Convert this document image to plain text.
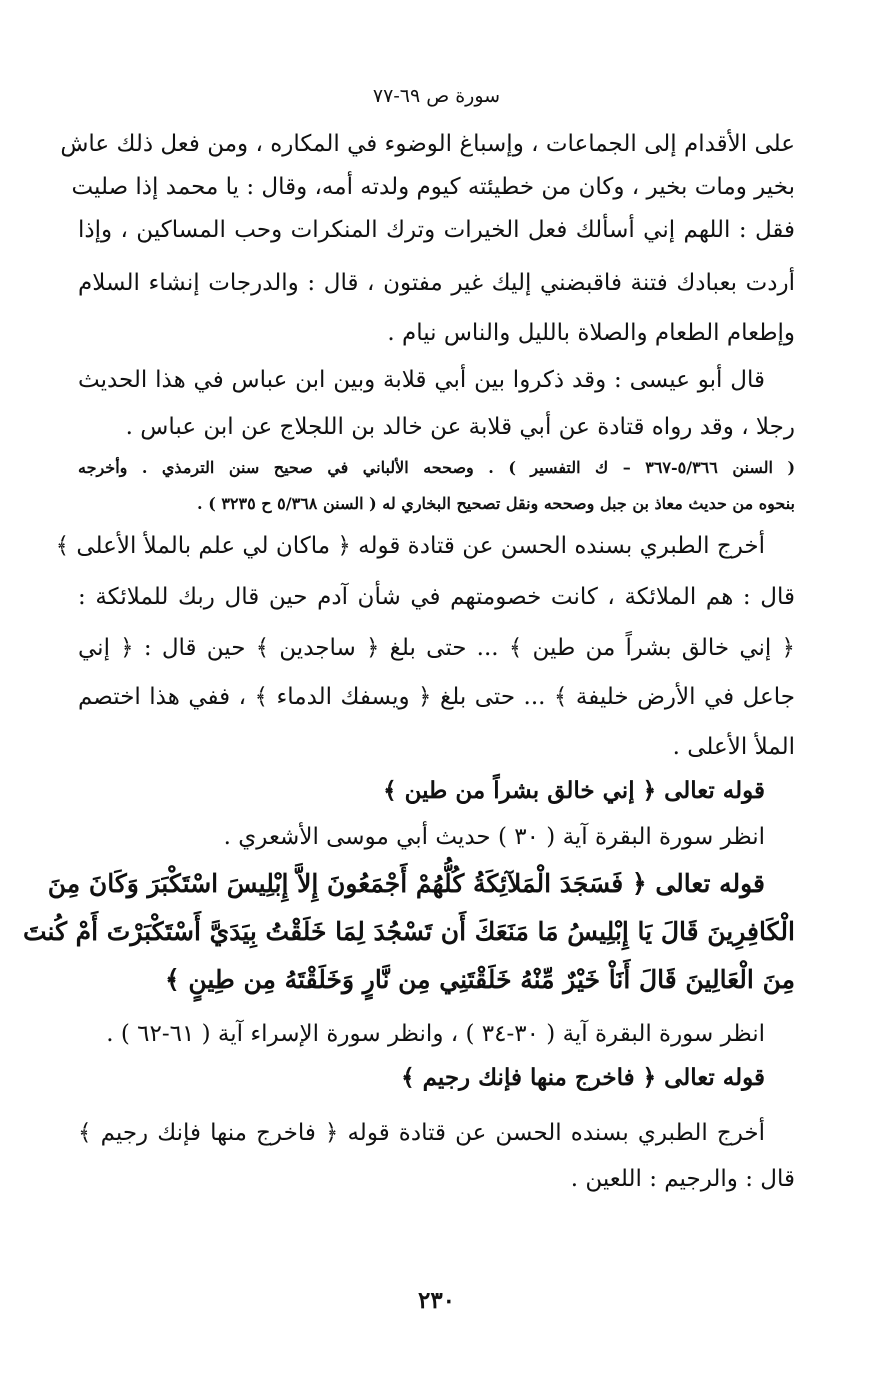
سورة ص ٦٩-٧٧
على الأقدام إلى الجماعات ، وإسباغ الوضوء في المكاره ، ومن فعل ذلك عاش
بخير ومات بخير ، وكان من خطيئته كيوم ولدته أمه، وقال : يا محمد إذا صليت
فقل : اللهم إني أسألك فعل الخيرات وترك المنكرات وحب المساكين ، وإذا
أردت بعبادك فتنة فاقبضني إليك غير مفتون ، قال : والدرجات إنشاء السلام
وإطعام الطعام والصلاة بالليل والناس نيام .
قال أبو عيسى : وقد ذكروا بين أبي قلابة وبين ابن عباس في هذا الحديث
رجلا ، وقد رواه قتادة عن أبي قلابة عن خالد بن اللجلاج عن ابن عباس .
( السنن ٥/٣٦٦-٣٦٧ – ك التفسير ) . وصححه الألباني في صحيح سنن الترمذي . وأخرجه
بنحوه من حديث معاذ بن جبل وصححه ونقل تصحيح البخاري له ( السنن ٥/٣٦٨ ح ٣٢٣٥ ) .
أخرج الطبري بسنده الحسن عن قتادة قوله ﴿ ماكان لي علم بالملأ الأعلى ﴾
قال : هم الملائكة ، كانت خصومتهم في شأن آدم حين قال ربك للملائكة :
﴿ إني خالق بشراً من طين ﴾ ... حتى بلغ ﴿ ساجدين ﴾ حين قال : ﴿ إني
جاعل في الأرض خليفة ﴾ ... حتى بلغ ﴿ ويسفك الدماء ﴾ ، ففي هذا اختصم
الملأ الأعلى .
قوله تعالى ﴿ إني خالق بشراً من طين ﴾
انظر سورة البقرة آية ( ٣٠ ) حديث أبي موسى الأشعري .
قوله تعالى ﴿ فَسَجَدَ الْمَلآئِكَةُ كُلُّهُمْ أَجْمَعُونَ إِلاَّ إِبْلِيسَ اسْتَكْبَرَ وَكَانَ مِنَ
الْكَافِرِينَ قَالَ يَا إِبْلِيسُ مَا مَنَعَكَ أَن تَسْجُدَ لِمَا خَلَقْتُ بِيَدَيَّ أَسْتَكْبَرْتَ أَمْ كُنتَ
مِنَ الْعَالِينَ قَالَ أَنَاْ خَيْرٌ مِّنْهُ خَلَقْتَنِي مِن نَّارٍ وَخَلَقْتَهُ مِن طِينٍ ﴾
انظر سورة البقرة آية ( ٣٠-٣٤ ) ، وانظر سورة الإسراء آية ( ٦١-٦٢ ) .
قوله تعالى ﴿ فاخرج منها فإنك رجيم ﴾
أخرج الطبري بسنده الحسن عن قتادة قوله ﴿ فاخرج منها فإنك رجيم ﴾
قال : والرجيم : اللعين .
٢٣٠
